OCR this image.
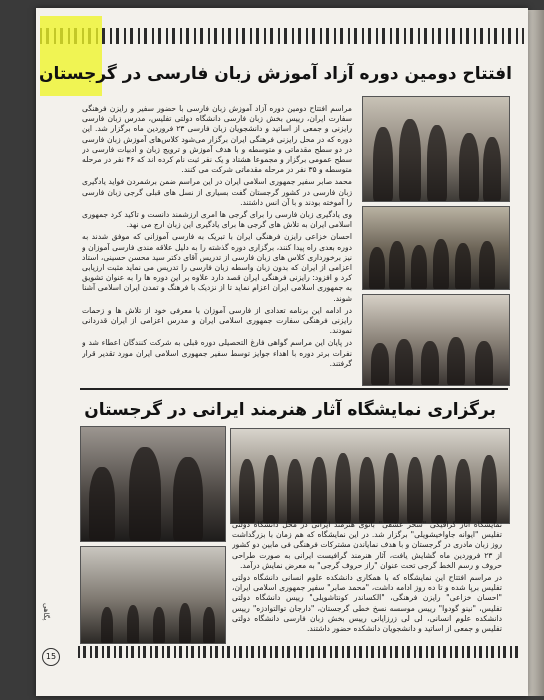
افتتاح دومین دوره آزاد آموزش زبان فارسی در گرجستان

مراسم افتتاح دومین دوره آزاد آموزش زبان فارسی با حضور سفیر و رایزن فرهنگی سفارت ایران، رییس بخش زبان فارسی دانشگاه دولتی تفلیس، مدرس زبان فارسی رایزنی و جمعی از اساتید و دانشجویان زبان فارسی ۲۳ فروردین ماه برگزار شد. این دوره که در محل رایزنی فرهنگی ایران برگزار می‌شود کلاس‌های آموزش زبان فارسی در دو سطح مقدماتی و متوسطه و با هدف آموزش و ترویج زبان و ادبیات فارسی در سطح عمومی برگزار و مجموعا هشتاد و یک نفر ثبت نام کرده اند که ۴۶ نفر در مرحله متوسطه و ۳۵ نفر در مرحله مقدماتی شرکت می کنند.

محمد صابر سفیر جمهوری اسلامی ایران در این مراسم ضمن برشمردن فواید یادگیری زبان فارسی در کشور گرجستان گفت بسیاری از نسل های قبلی گرجی زبان فارسی را آموخته بودند و با آن انس داشتند.

وی یادگیری زبان فارسی را برای گرجی ها امری ارزشمند دانست و تاکید کرد جمهوری اسلامی ایران به تلاش های گرجی ها برای یادگیری این زبان ارج می نهد.

احسان خزاعی رایزن فرهنگی ایران با تبریک به فارسی آموزانی که موفق شدند به دوره بعدی راه پیدا کنند، برگزاری دوره گذشته را به دلیل علاقه مندی فارسی آموزان و نیز برخورداری کلاس های زبان فارسی از تدریس آقای دکتر سید محسن حسینی، استاد اعزامی از ایران که بدون زبان واسطه زبان فارسی را تدریس می نماید مثبت ارزیابی کرد و افزود: رایزنی فرهنگی ایران قصد دارد علاوه بر این دوره ها را به عنوان تشویق به جمهوری اسلامی ایران اعزام نماید تا از نزدیک با فرهنگ و تمدن ایران اسلامی آشنا شوند.

در ادامه این برنامه تعدادی از فارسی آموزان با معرفی خود از تلاش ها و زحمات رایزنی فرهنگی سفارت جمهوری اسلامی ایران و مدرس اعزامی از ایران قدردانی نمودند.

در پایان این مراسم گواهی فارغ التحصیلی دوره قبلی به شرکت کنندگان اعطاء شد و نفرات برتر دوره با اهداء جوایز توسط سفیر جمهوری اسلامی ایران مورد تقدیر قرار گرفتند.

برگزاری نمایشگاه آثار هنرمند ایرانی در گرجستان

نمایشگاه آثار گرافیکی "سحر عشقی" بانوی هنرمند ایرانی در محل دانشگاه دولتی تفلیس "ایوانه جاواخیشویلی" برگزار شد. در این نمایشگاه که هم زمان با بزرگداشت روز زبان مادری در گرجستان و با هدف نمایاندن مشترکات فرهنگی فی مابین دو کشور از ۲۳ فروردین ماه گشایش یافت، آثار هنرمند گرافیست ایرانی به صورت طراحی حروف و رسم الخط گرجی تحت عنوان "راز حروف گرجی" به معرض نمایش درآمد.

در مراسم افتتاح این نمایشگاه که با همکاری دانشکده علوم انسانی دانشگاه دولتی تفلیس برپا شده و تا ده روز ادامه داشت، "محمد صابر" سفیر جمهوری اسلامی ایران، "احسان خزاعی" رایزن فرهنگی، "الکساندر کونتاشویلی" رییس دانشگاه دولتی تفلیس، "نینو گودوا" رییس موسسه نسخ خطی گرجستان، "دارجان توالتوادزه" رییس دانشکده علوم انسانی، لی لی زرزایانی رییس بخش زبان فارسی دانشگاه دولتی تفلیس و جمعی از اساتید و دانشجویان دانشکده حضور داشتند.

پگاهی
15
